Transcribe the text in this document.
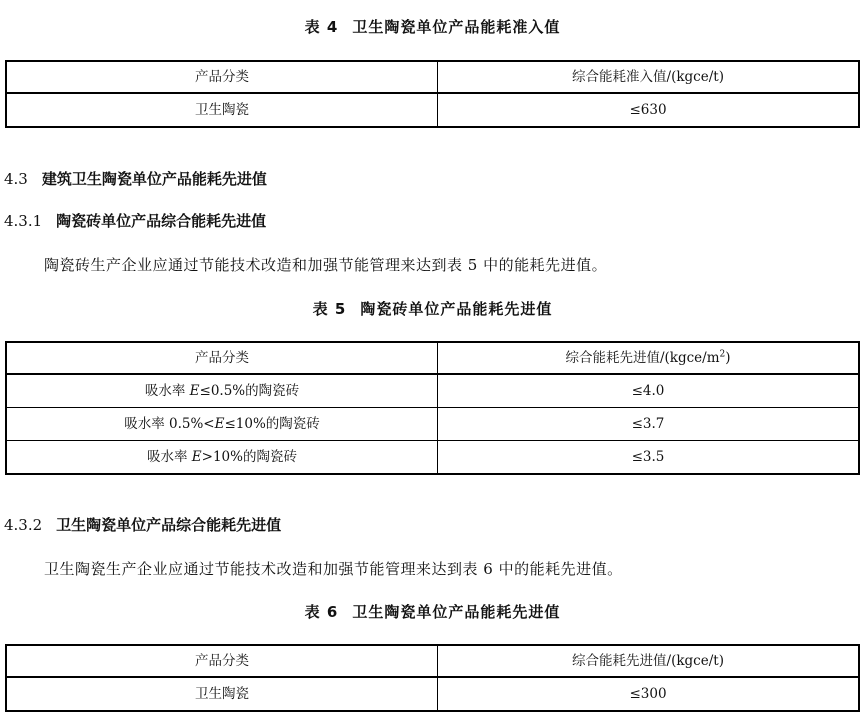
表 4 卫生陶瓷单位产品能耗准入值
产品分类	综合能耗准入值/(kgce/t)
卫生陶瓷	≤630
4.3 建筑卫生陶瓷单位产品能耗先进值
4.3.1 陶瓷砖单位产品综合能耗先进值
陶瓷砖生产企业应通过节能技术改造和加强节能管理来达到表 5 中的能耗先进值。
表 5 陶瓷砖单位产品能耗先进值
产品分类	综合能耗先进值$/(kgce/m^2)$
吸水率 E≤0.5%的陶瓷砖	≤4.0
吸水率 0.5%<E≤10%的陶瓷砖	≤3.7
吸水率 E>10%的陶瓷砖	≤3.5
4.3.2 卫生陶瓷单位产品综合能耗先进值
卫生陶瓷生产企业应通过节能技术改造和加强节能管理来达到表 6 中的能耗先进值。
表 6 卫生陶瓷单位产品能耗先进值
产品分类	综合能耗先进值/(kgce/t)
卫生陶瓷	≤300
